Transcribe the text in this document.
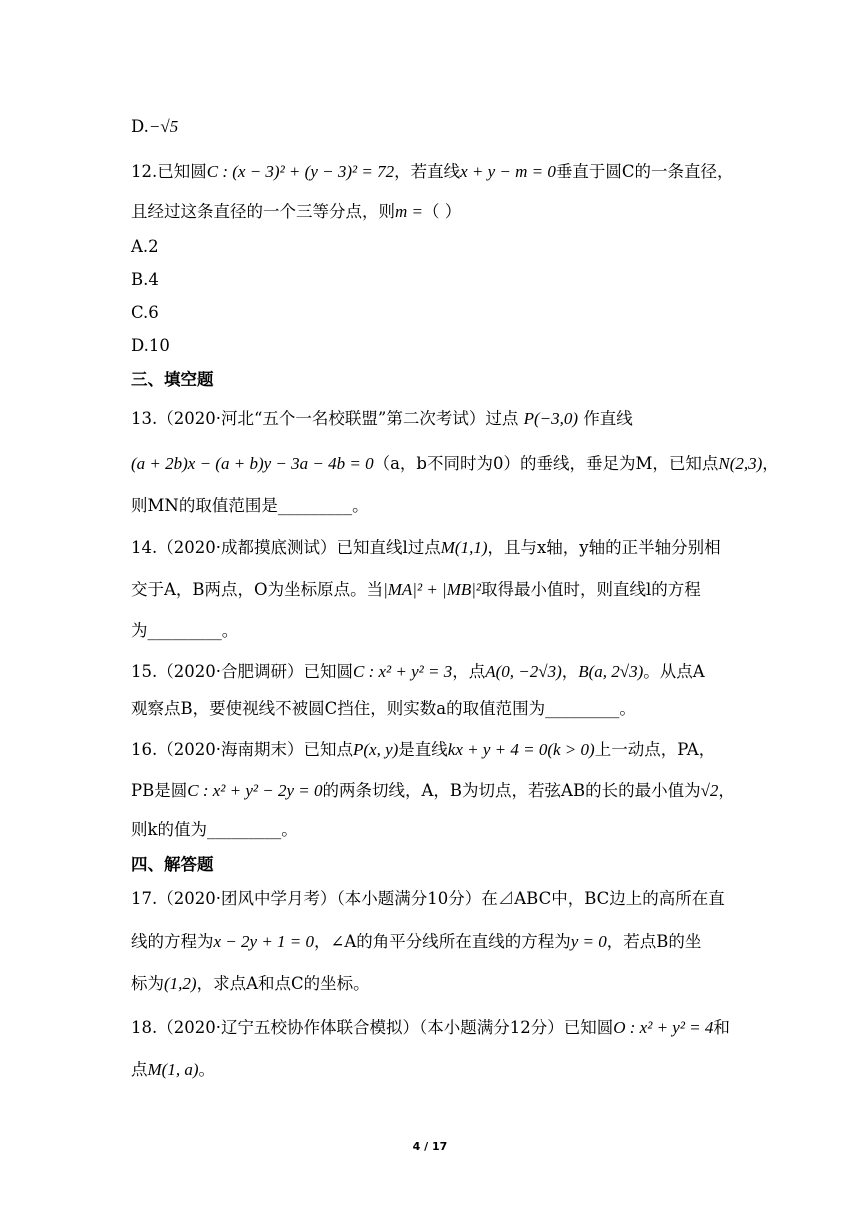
D.−√5
12.已知圆C : (x − 3)² + (y − 3)² = 72，若直线x + y − m = 0垂直于圆C的一条直径，
且经过这条直径的一个三等分点，则m =（ ）
A.2
B.4
C.6
D.10
三、填空题
13.（2020·河北“五个一名校联盟”第二次考试）过点 P(−3,0) 作直线
(a + 2b)x − (a + b)y − 3a − 4b = 0（a，b不同时为0）的垂线，垂足为M，已知点N(2,3)，
则MN的取值范围是_________。
14.（2020·成都摸底测试）已知直线l过点M(1,1)，且与x轴，y轴的正半轴分别相
交于A，B两点，O为坐标原点。当|MA|² + |MB|²取得最小值时，则直线l的方程
为_________。
15.（2020·合肥调研）已知圆C : x² + y² = 3，点A(0, −2√3)，B(a, 2√3)。从点A
观察点B，要使视线不被圆C挡住，则实数a的取值范围为_________。
16.（2020·海南期末）已知点P(x, y)是直线kx + y + 4 = 0(k > 0)上一动点，PA，
PB是圆C : x² + y² − 2y = 0的两条切线，A，B为切点，若弦AB的长的最小值为√2，
则k的值为_________。
四、解答题
17.（2020·团风中学月考）（本小题满分10分）在⊿ABC中，BC边上的高所在直
线的方程为x − 2y + 1 = 0，∠A的角平分线所在直线的方程为y = 0，若点B的坐
标为(1,2)，求点A和点C的坐标。
18.（2020·辽宁五校协作体联合模拟）（本小题满分12分）已知圆O : x² + y² = 4和
点M(1, a)。
4 / 17
